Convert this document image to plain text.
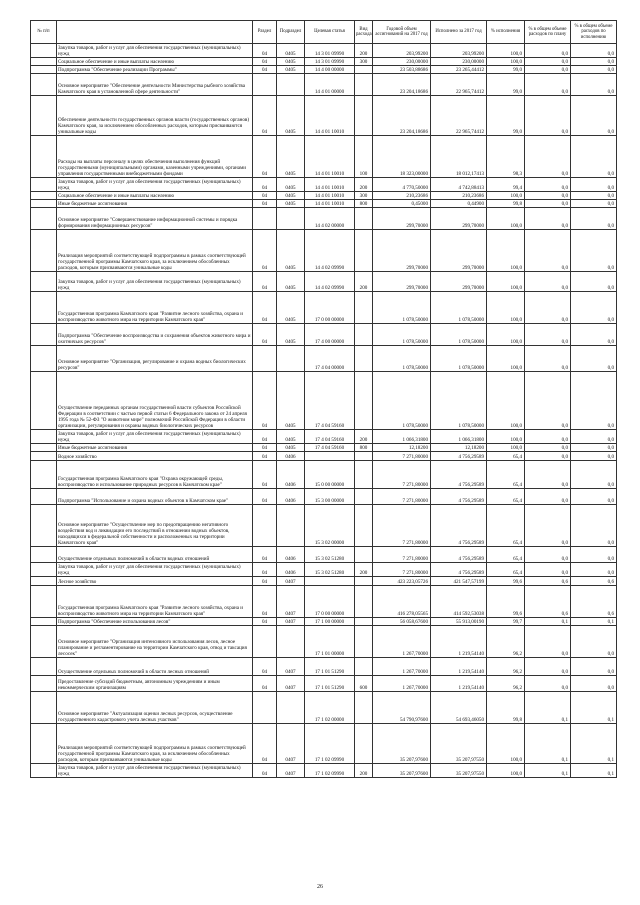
№ п/п		Раздел	Подраздел	Целевая статья	Вид расхода	Годовой объем ассигнований на 2017 год	Исполнено за 2017 год	% исполнения	% в общем объеме расходов по плану	% в общем объеме расходов по исполнению
	Закупка товаров, работ и услуг для обеспечения государственных (муниципальных) нужд	04	0405	14 3 01 09990	200	203,99200	203,99200	100,0	0,0	0,0
	Социальное обеспечение и иные выплаты населению	04	0405	14 3 01 09990	300	230,00000	230,00000	100,0	0,0	0,0
	Подпрограмма "Обеспечение реализации Программы"	04	0405	14 4 00 00000		23 503,88686	23 265,44412	99,0	0,0	0,0
	Основное мероприятие "Обеспечение деятельности Министерства рыбного хозяйства Камчатского края в установленной сфере деятельности"			14 4 01 00000		23 204,18686	22 965,74412	99,0	0,0	0,0
	Обеспечение деятельности государственных органов власти (государственных органов) Камчатского края, за исключением обособленных расходов, которым присваиваются уникальные коды	04	0405	14 4 01 10010		23 204,18686	22 965,74412	99,0	0,0	0,0
	Расходы на выплаты персоналу в целях обеспечения выполнения функций государственными (муниципальными) органами, казенными учреждениями, органами управления государственными внебюджетными фондами	04	0405	14 4 01 10010	100	18 323,00000	18 012,17413	98,3	0,0	0,0
	Закупка товаров, работ и услуг для обеспечения государственных (муниципальных) нужд	04	0405	14 4 01 10010	200	4 770,50000	4 742,88413	99,4	0,0	0,0
	Социальное обеспечение и иные выплаты населению	04	0405	14 4 01 10010	300	210,23686	210,23686	100,0	0,0	0,0
	Иные бюджетные ассигнования	04	0405	14 4 01 10010	800	0,45000	0,44900	99,8	0,0	0,0
	Основное мероприятие "Совершенствование информационной системы и порядка формирования информационных ресурсов"			14 4 02 00000		299,70000	299,70000	100,0	0,0	0,0
	Реализация мероприятий соответствующей подпрограммы в рамках соответствующей государственной программы Камчатского края, за исключением обособленных расходов, которым присваиваются уникальные коды	04	0405	14 4 02 09990		299,70000	299,70000	100,0	0,0	0,0
	Закупка товаров, работ и услуг для обеспечения государственных (муниципальных) нужд	04	0405	14 4 02 09990	200	299,70000	299,70000	100,0	0,0	0,0
	Государственная программа Камчатского края "Развитие лесного хозяйства, охрана и воспроизводство животного мира на территории Камчатского края"	04	0405	17 0 00 00000		1 078,50000	1 078,50000	100,0	0,0	0,0
	Подпрограмма "Обеспечение воспроизводства и сохранения объектов животного мира и охотничьих ресурсов"	04	0405	17 4 00 00000		1 078,50000	1 078,50000	100,0	0,0	0,0
	Основное мероприятие "Организация, регулирование и охрана водных биологических ресурсов"			17 4 04 00000		1 078,50000	1 078,50000	100,0	0,0	0,0
	Осуществление переданных органам государственной власти субъектов Российской Федерации в соответствии с частью первой статьи 6 Федерального закона от 24 апреля 1995 года № 52-ФЗ "О животном мире" полномочий Российской Федерации в области организации, регулирования и охраны водных биологических ресурсов	04	0405	17 4 04 59160		1 078,50000	1 078,50000	100,0	0,0	0,0
	Закупка товаров, работ и услуг для обеспечения государственных (муниципальных) нужд	04	0405	17 4 04 59160	200	1 066,31800	1 066,31800	100,0	0,0	0,0
	Иные бюджетные ассигнования	04	0405	17 4 04 59160	800	12,18200	12,18200	100,0	0,0	0,0
	Водное хозяйство	04	0406			7 271,80000	4 756,29589	65,4	0,0	0,0
	Государственная программа Камчатского края "Охрана окружающей среды, воспроизводство и использование природных ресурсов в Камчатском крае"	04	0406	15 0 00 00000		7 271,80000	4 756,29589	65,4	0,0	0,0
	Подпрограмма "Использование и охрана водных объектов в Камчатском крае"	04	0406	15 3 00 00000		7 271,80000	4 756,29589	65,4	0,0	0,0
	Основное мероприятие "Осуществление мер по предотвращению негативного воздействия вод и ликвидации его последствий в отношении водных объектов, находящихся в федеральной собственности и расположенных на территории Камчатского края"			15 3 02 00000		7 271,80000	4 756,29589	65,4	0,0	0,0
	Осуществление отдельных полномочий в области водных отношений	04	0406	15 3 02 51280		7 271,80000	4 756,29589	65,4	0,0	0,0
	Закупка товаров, работ и услуг для обеспечения государственных (муниципальных) нужд	04	0406	15 3 02 51280	200	7 271,80000	4 756,29589	65,4	0,0	0,0
	Лесное хозяйство	04	0407			423 223,05726	421 547,57199	99,6	0,6	0,6
	Государственная программа Камчатского края "Развитие лесного хозяйства, охрана и воспроизводство животного мира на территории Камчатского края"	04	0407	17 0 00 00000		416 278,05565	414 592,53038	99,6	0,6	0,6
	Подпрограмма "Обеспечение использования лесов"	04	0407	17 1 00 00000		56 058,67600	55 913,00190	99,7	0,1	0,1
	Основное мероприятие "Организация интенсивного использования лесов, лесное планирование и регламентирование на территории Камчатского края, отвод и таксация лесосек"			17 1 01 00000		1 267,70000	1 219,54140	96,2	0,0	0,0
	Осуществление отдельных полномочий в области лесных отношений	04	0407	17 1 01 51290		1 267,70000	1 219,54140	96,2	0,0	0,0
	Предоставление субсидий бюджетным, автономным учреждениям и иным некоммерческим организациям	04	0407	17 1 01 51290	600	1 267,70000	1 219,54140	96,2	0,0	0,0
	Основное мероприятие "Актуализация оценки лесных ресурсов, осуществление государственного кадастрового учета лесных участков"			17 1 02 00000		54 790,97600	54 693,46050	99,8	0,1	0,1
	Реализация мероприятий соответствующей подпрограммы в рамках соответствующей государственной программы Камчатского края, за исключением обособленных расходов, которым присваиваются уникальные коды	04	0407	17 1 02 09990		35 207,97600	35 207,97550	100,0	0,1	0,1
	Закупка товаров, работ и услуг для обеспечения государственных (муниципальных) нужд	04	0407	17 1 02 09990	200	35 207,97600	35 207,97550	100,0	0,1	0,1
26
